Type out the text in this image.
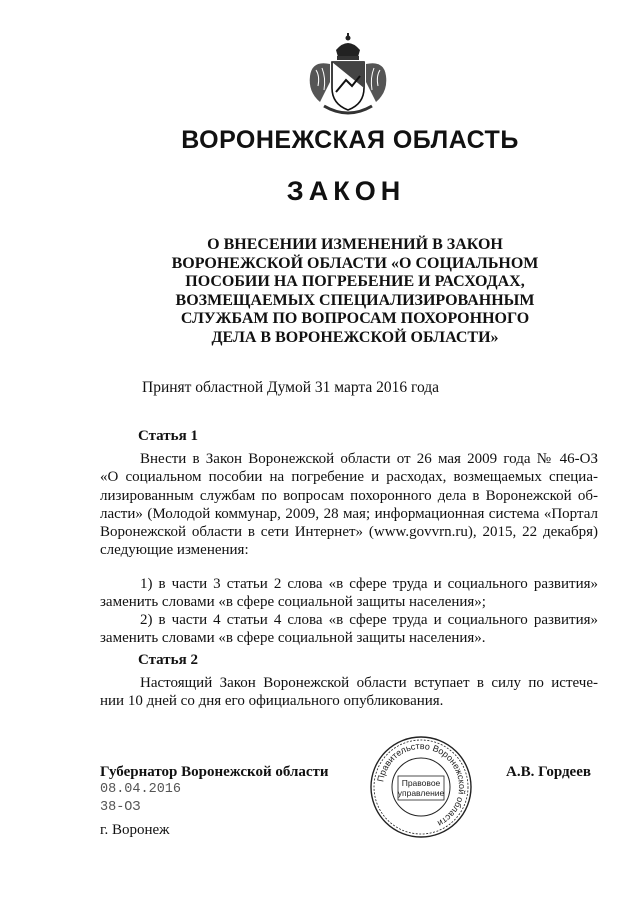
ВОРОНЕЖСКАЯ ОБЛАСТЬ
ЗАКОН
О ВНЕСЕНИИ ИЗМЕНЕНИЙ В ЗАКОН
ВОРОНЕЖСКОЙ ОБЛАСТИ «О СОЦИАЛЬНОМ
ПОСОБИИ НА ПОГРЕБЕНИЕ И РАСХОДАХ,
ВОЗМЕЩАЕМЫХ СПЕЦИАЛИЗИРОВАННЫМ
СЛУЖБАМ ПО ВОПРОСАМ ПОХОРОННОГО
ДЕЛА В ВОРОНЕЖСКОЙ ОБЛАСТИ»
Принят областной Думой 31 марта 2016 года
Статья 1
Внести в Закон Воронежской области от 26 мая 2009 года № 46-ОЗ
«О социальном пособии на погребение и расходах, возмещаемых специа-
лизированным службам по вопросам похоронного дела в Воронежской об-
ласти» (Молодой коммунар, 2009, 28 мая; информационная система «Портал
Воронежской области в сети Интернет» (www.govvrn.ru), 2015, 22 декабря)
следующие изменения:
1) в части 3 статьи 2 слова «в сфере труда и социального развития»
заменить словами «в сфере социальной защиты населения»;
2) в части 4 статьи 4 слова «в сфере труда и социального развития»
заменить словами «в сфере социальной защиты населения».
Статья 2
Настоящий Закон Воронежской области вступает в силу по истече-
нии 10 дней со дня его официального опубликования.
Губернатор Воронежской области	А.В. Гордеев
08.04.2016
38-ОЗ
г. Воронеж
Правительство Воронежской области
Правовое
управление
